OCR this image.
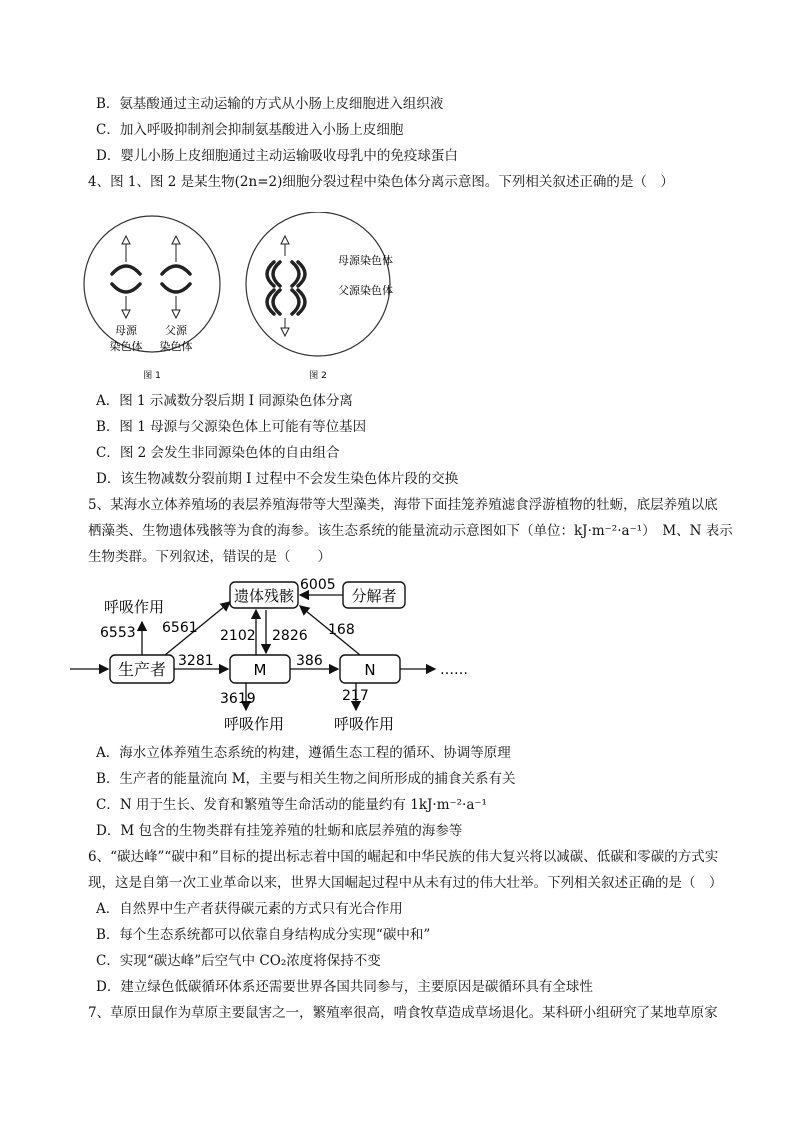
B．氨基酸通过主动运输的方式从小肠上皮细胞进入组织液
C．加入呼吸抑制剂会抑制氨基酸进入小肠上皮细胞
D．婴儿小肠上皮细胞通过主动运输吸收母乳中的免疫球蛋白
4、图 1、图 2 是某生物(2n=2)细胞分裂过程中染色体分离示意图。下列相关叙述正确的是（　）
母源
染色体
父源
染色体
母源染色体
父源染色体
图 1	图 2
A．图 1 示减数分裂后期 I 同源染色体分离
B．图 1 母源与父源染色体上可能有等位基因
C．图 2 会发生非同源染色体的自由组合
D．该生物减数分裂前期 I 过程中不会发生染色体片段的交换
5、某海水立体养殖场的表层养殖海带等大型藻类，海带下面挂笼养殖滤食浮游植物的牡蛎，底层养殖以底
栖藻类、生物遗体残骸等为食的海参。该生态系统的能量流动示意图如下（单位：kJ·m⁻²·a⁻¹）　M、N 表示
生物类群。下列叙述，错误的是（　　）
生产者	M	N
遗体残骸	分解者
……
呼吸作用
6553 6561
3281
2102 2826
386
168
6005
3619	217
呼吸作用	呼吸作用
A．海水立体养殖生态系统的构建，遵循生态工程的循环、协调等原理
B．生产者的能量流向 M，主要与相关生物之间所形成的捕食关系有关
C．N 用于生长、发育和繁殖等生命活动的能量约有 1kJ·m⁻²·a⁻¹
D．M 包含的生物类群有挂笼养殖的牡蛎和底层养殖的海参等
6、“碳达峰”“碳中和”目标的提出标志着中国的崛起和中华民族的伟大复兴将以减碳、低碳和零碳的方式实
现，这是自第一次工业革命以来，世界大国崛起过程中从未有过的伟大壮举。下列相关叙述正确的是（　）
A．自然界中生产者获得碳元素的方式只有光合作用
B．每个生态系统都可以依靠自身结构成分实现“碳中和”
C．实现“碳达峰”后空气中 CO₂浓度将保持不变
D．建立绿色低碳循环体系还需要世界各国共同参与，主要原因是碳循环具有全球性
7、草原田鼠作为草原主要鼠害之一，繁殖率很高，啃食牧草造成草场退化。某科研小组研究了某地草原家
